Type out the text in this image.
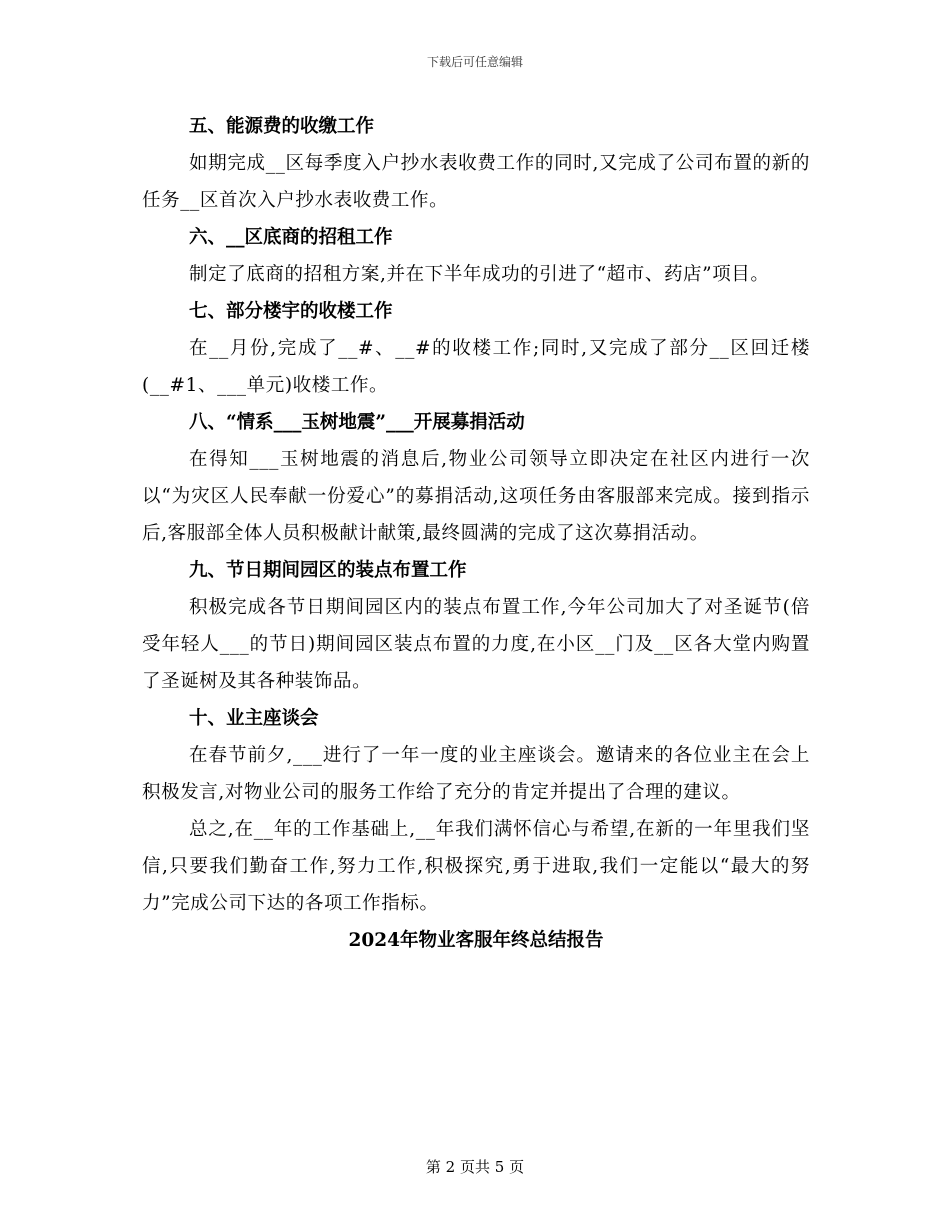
下载后可任意编辑
五、能源费的收缴工作
如期完成__区每季度入户抄水表收费工作的同时,又完成了公司布置的新的任务__区首次入户抄水表收费工作。
六、__区底商的招租工作
制定了底商的招租方案,并在下半年成功的引进了“超市、药店”项目。
七、部分楼宇的收楼工作
在__月份,完成了__#、__#的收楼工作;同时,又完成了部分__区回迁楼(__#1、___单元)收楼工作。
八、“情系___玉树地震”___开展募捐活动
在得知___玉树地震的消息后,物业公司领导立即决定在社区内进行一次以“为灾区人民奉献一份爱心”的募捐活动,这项任务由客服部来完成。接到指示后,客服部全体人员积极献计献策,最终圆满的完成了这次募捐活动。
九、节日期间园区的装点布置工作
积极完成各节日期间园区内的装点布置工作,今年公司加大了对圣诞节(倍受年轻人___的节日)期间园区装点布置的力度,在小区__门及__区各大堂内购置了圣诞树及其各种装饰品。
十、业主座谈会
在春节前夕,___进行了一年一度的业主座谈会。邀请来的各位业主在会上积极发言,对物业公司的服务工作给了充分的肯定并提出了合理的建议。
总之,在__年的工作基础上,__年我们满怀信心与希望,在新的一年里我们坚信,只要我们勤奋工作,努力工作,积极探究,勇于进取,我们一定能以“最大的努力”完成公司下达的各项工作指标。
2024年物业客服年终总结报告
第 2 页共 5 页
